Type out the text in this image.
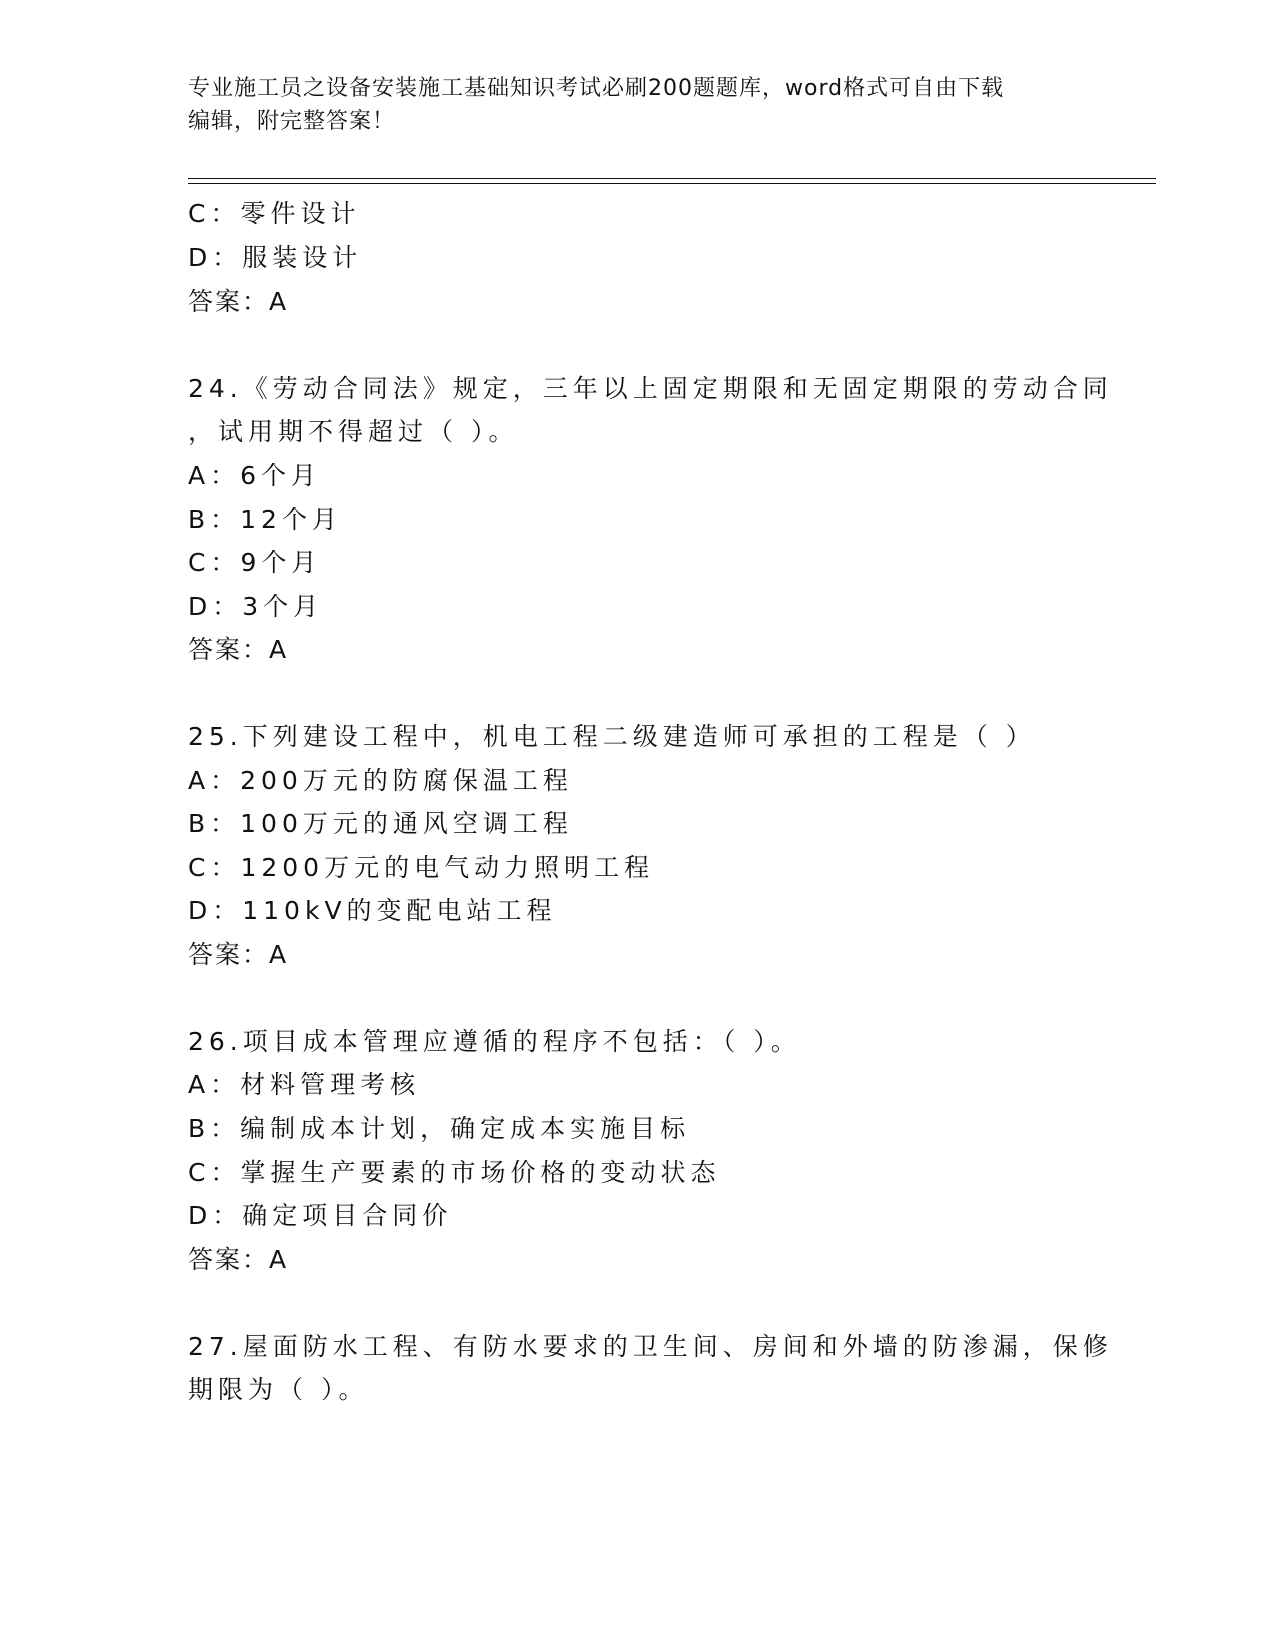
专业施工员之设备安装施工基础知识考试必刷200题题库，word格式可自由下载
编辑，附完整答案！
C：零件设计
D：服装设计
答案：A
24.《劳动合同法》规定，三年以上固定期限和无固定期限的劳动合同
，试用期不得超过（ ）。
A：6个月
B：12个月
C：9个月
D：3个月
答案：A
25.下列建设工程中，机电工程二级建造师可承担的工程是（ ）
A：200万元的防腐保温工程
B：100万元的通风空调工程
C：1200万元的电气动力照明工程
D：110kV的变配电站工程
答案：A
26.项目成本管理应遵循的程序不包括：（ ）。
A：材料管理考核
B：编制成本计划，确定成本实施目标
C：掌握生产要素的市场价格的变动状态
D：确定项目合同价
答案：A
27.屋面防水工程、有防水要求的卫生间、房间和外墙的防渗漏，保修
期限为（ ）。
